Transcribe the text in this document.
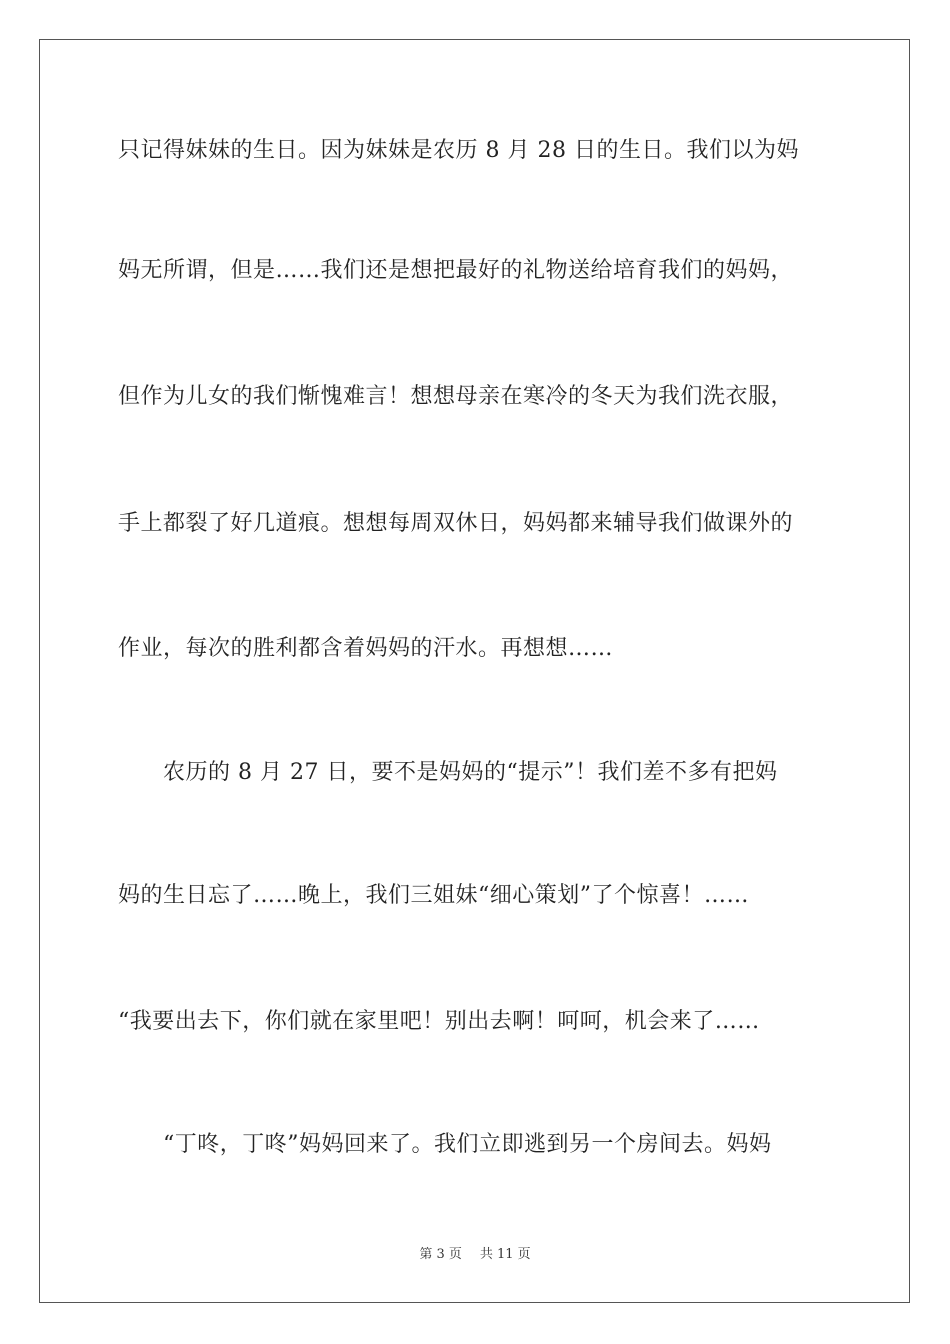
只记得妹妹的生日。因为妹妹是农历 8 月 28 日的生日。我们以为妈
妈无所谓，但是……我们还是想把最好的礼物送给培育我们的妈妈，
但作为儿女的我们惭愧难言！想想母亲在寒冷的冬天为我们洗衣服，
手上都裂了好几道痕。想想每周双休日，妈妈都来辅导我们做课外的
作业，每次的胜利都含着妈妈的汗水。再想想……
　　农历的 8 月 27 日，要不是妈妈的“提示”！我们差不多有把妈
妈的生日忘了……晚上，我们三姐妹“细心策划”了个惊喜！……
“我要出去下，你们就在家里吧！别出去啊！呵呵，机会来了……
　　“丁咚，丁咚”妈妈回来了。我们立即逃到另一个房间去。妈妈
第 3 页 共 11 页
